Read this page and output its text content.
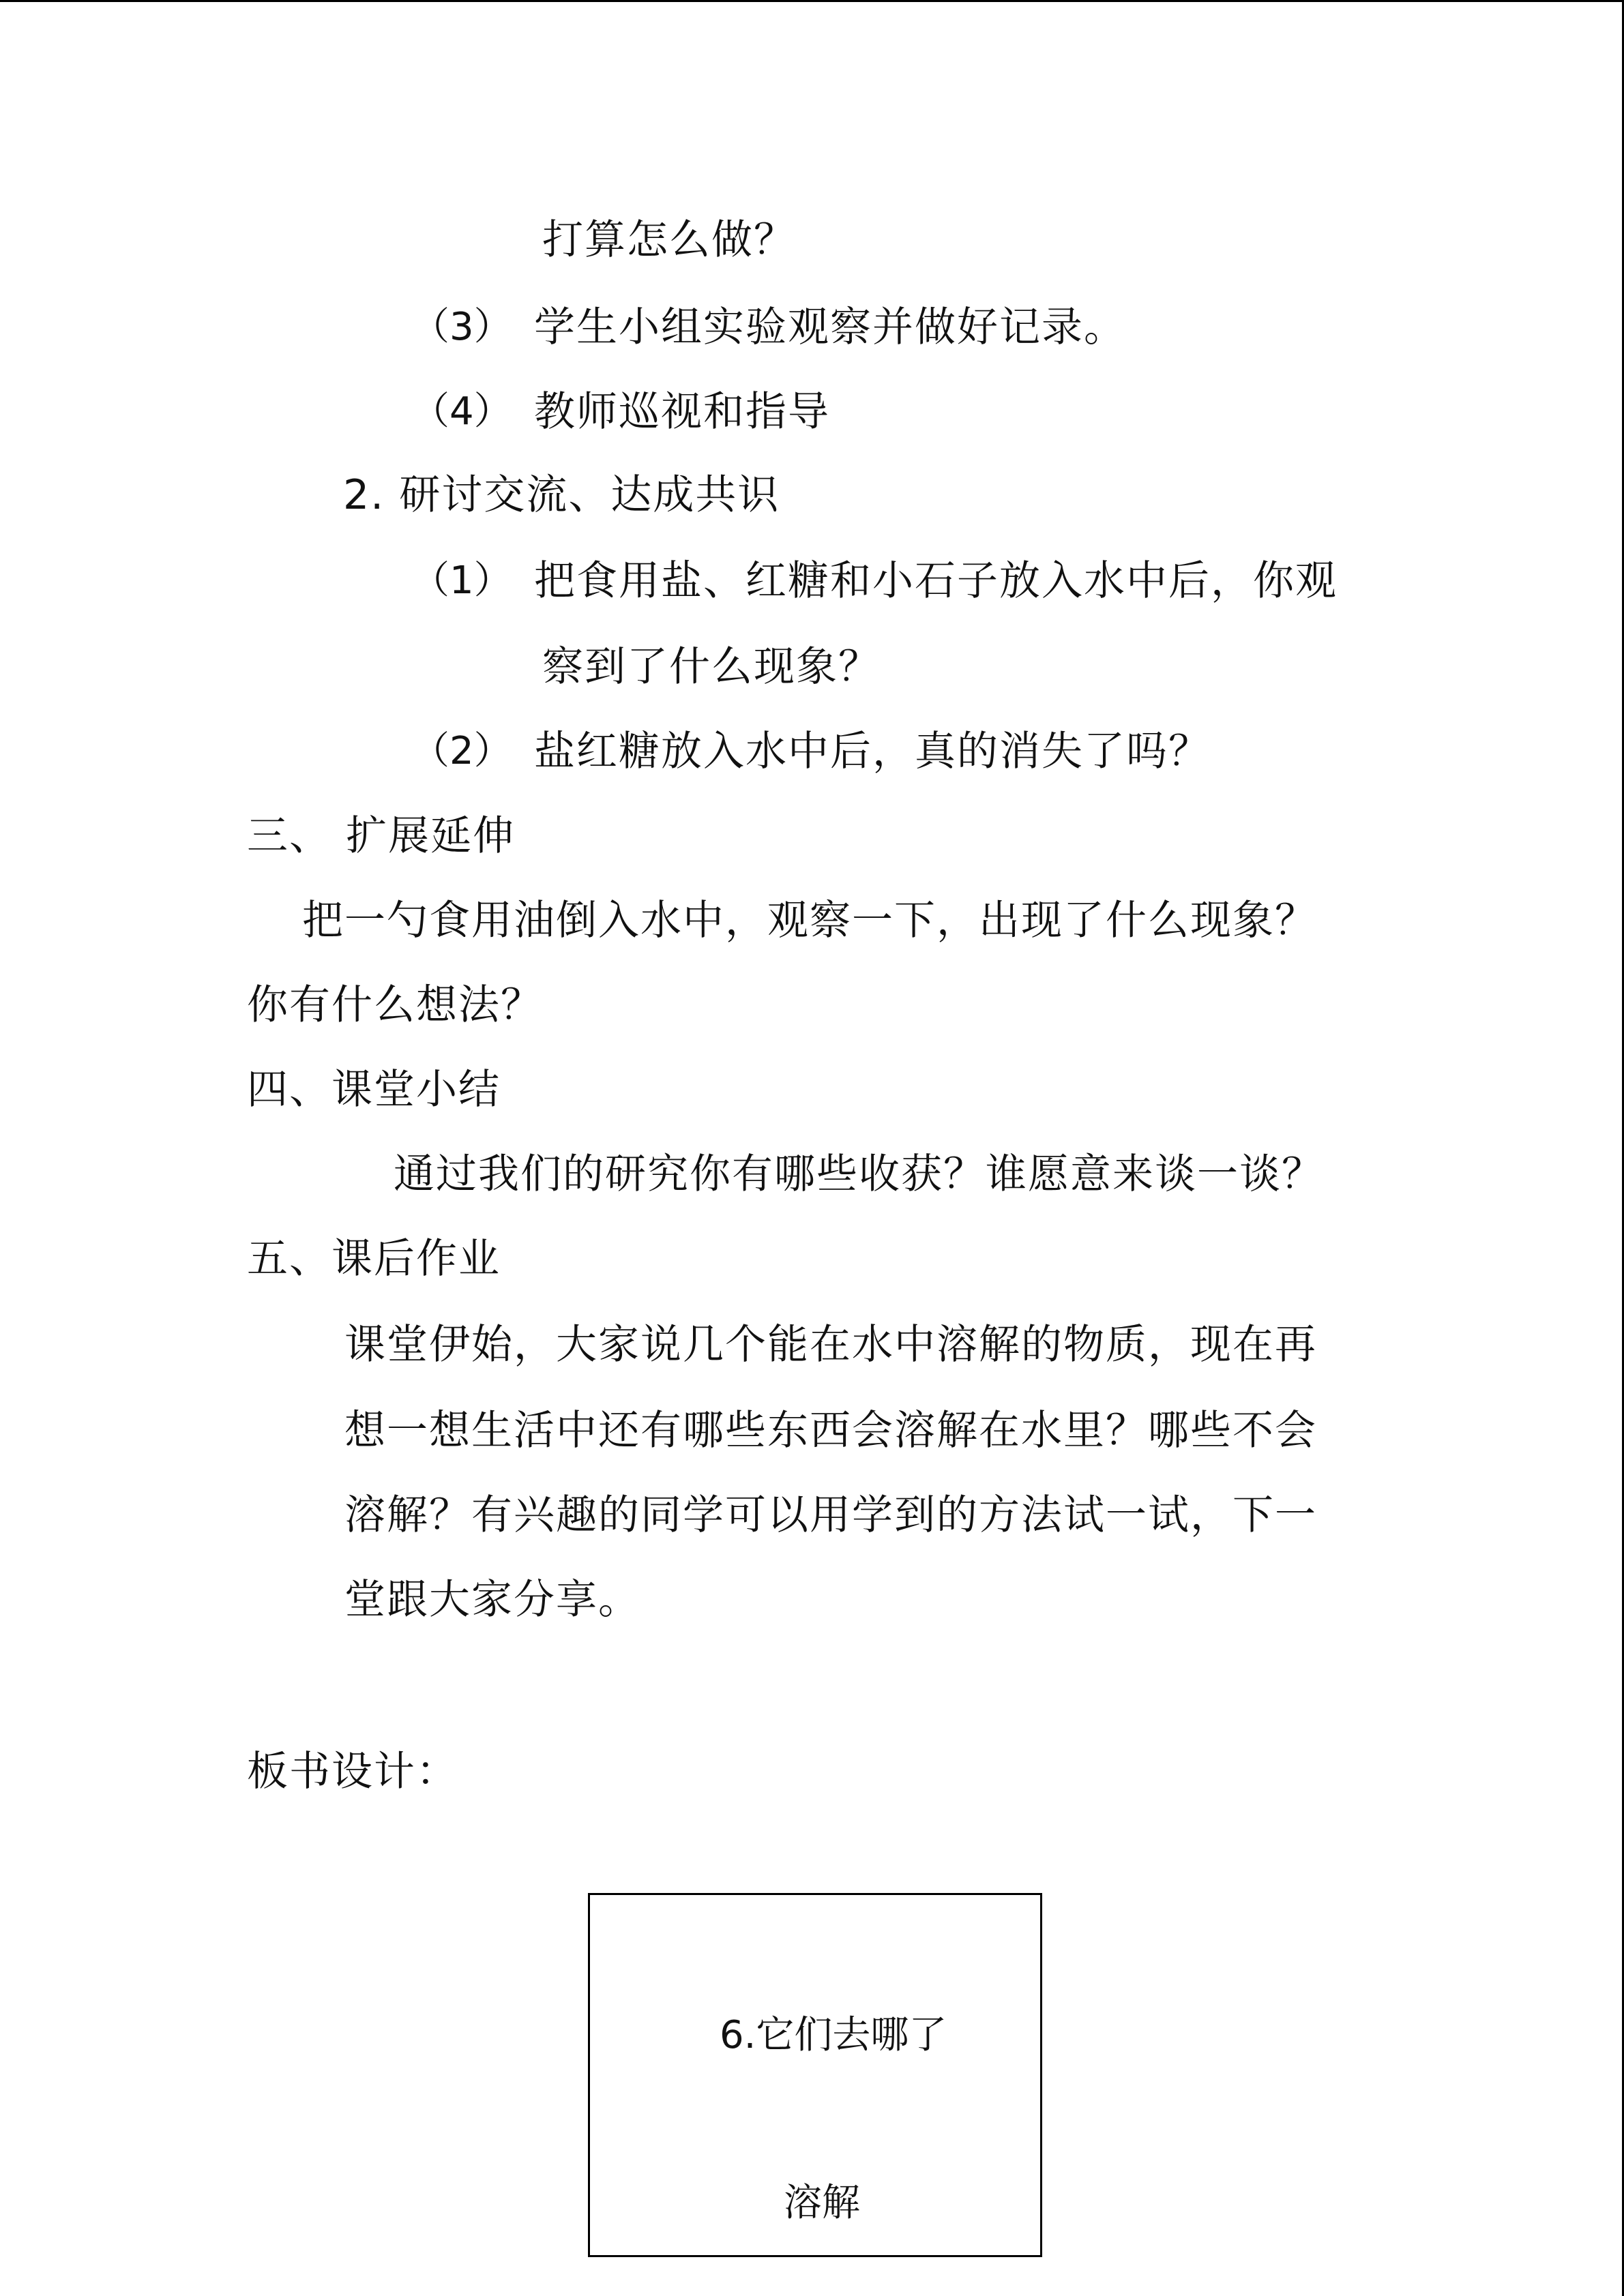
打算怎么做？
（3） 学生小组实验观察并做好记录。
（4） 教师巡视和指导
2. 研讨交流、达成共识
（1） 把食用盐、红糖和小石子放入水中后，你观
察到了什么现象？
（2） 盐红糖放入水中后，真的消失了吗？
三、 扩展延伸
把一勺食用油倒入水中，观察一下，出现了什么现象？
你有什么想法？
四、课堂小结
通过我们的研究你有哪些收获？谁愿意来谈一谈？
五、课后作业
课堂伊始，大家说几个能在水中溶解的物质，现在再
想一想生活中还有哪些东西会溶解在水里？哪些不会
溶解？有兴趣的同学可以用学到的方法试一试，下一
堂跟大家分享。
板书设计：
6.它们去哪了
溶解
